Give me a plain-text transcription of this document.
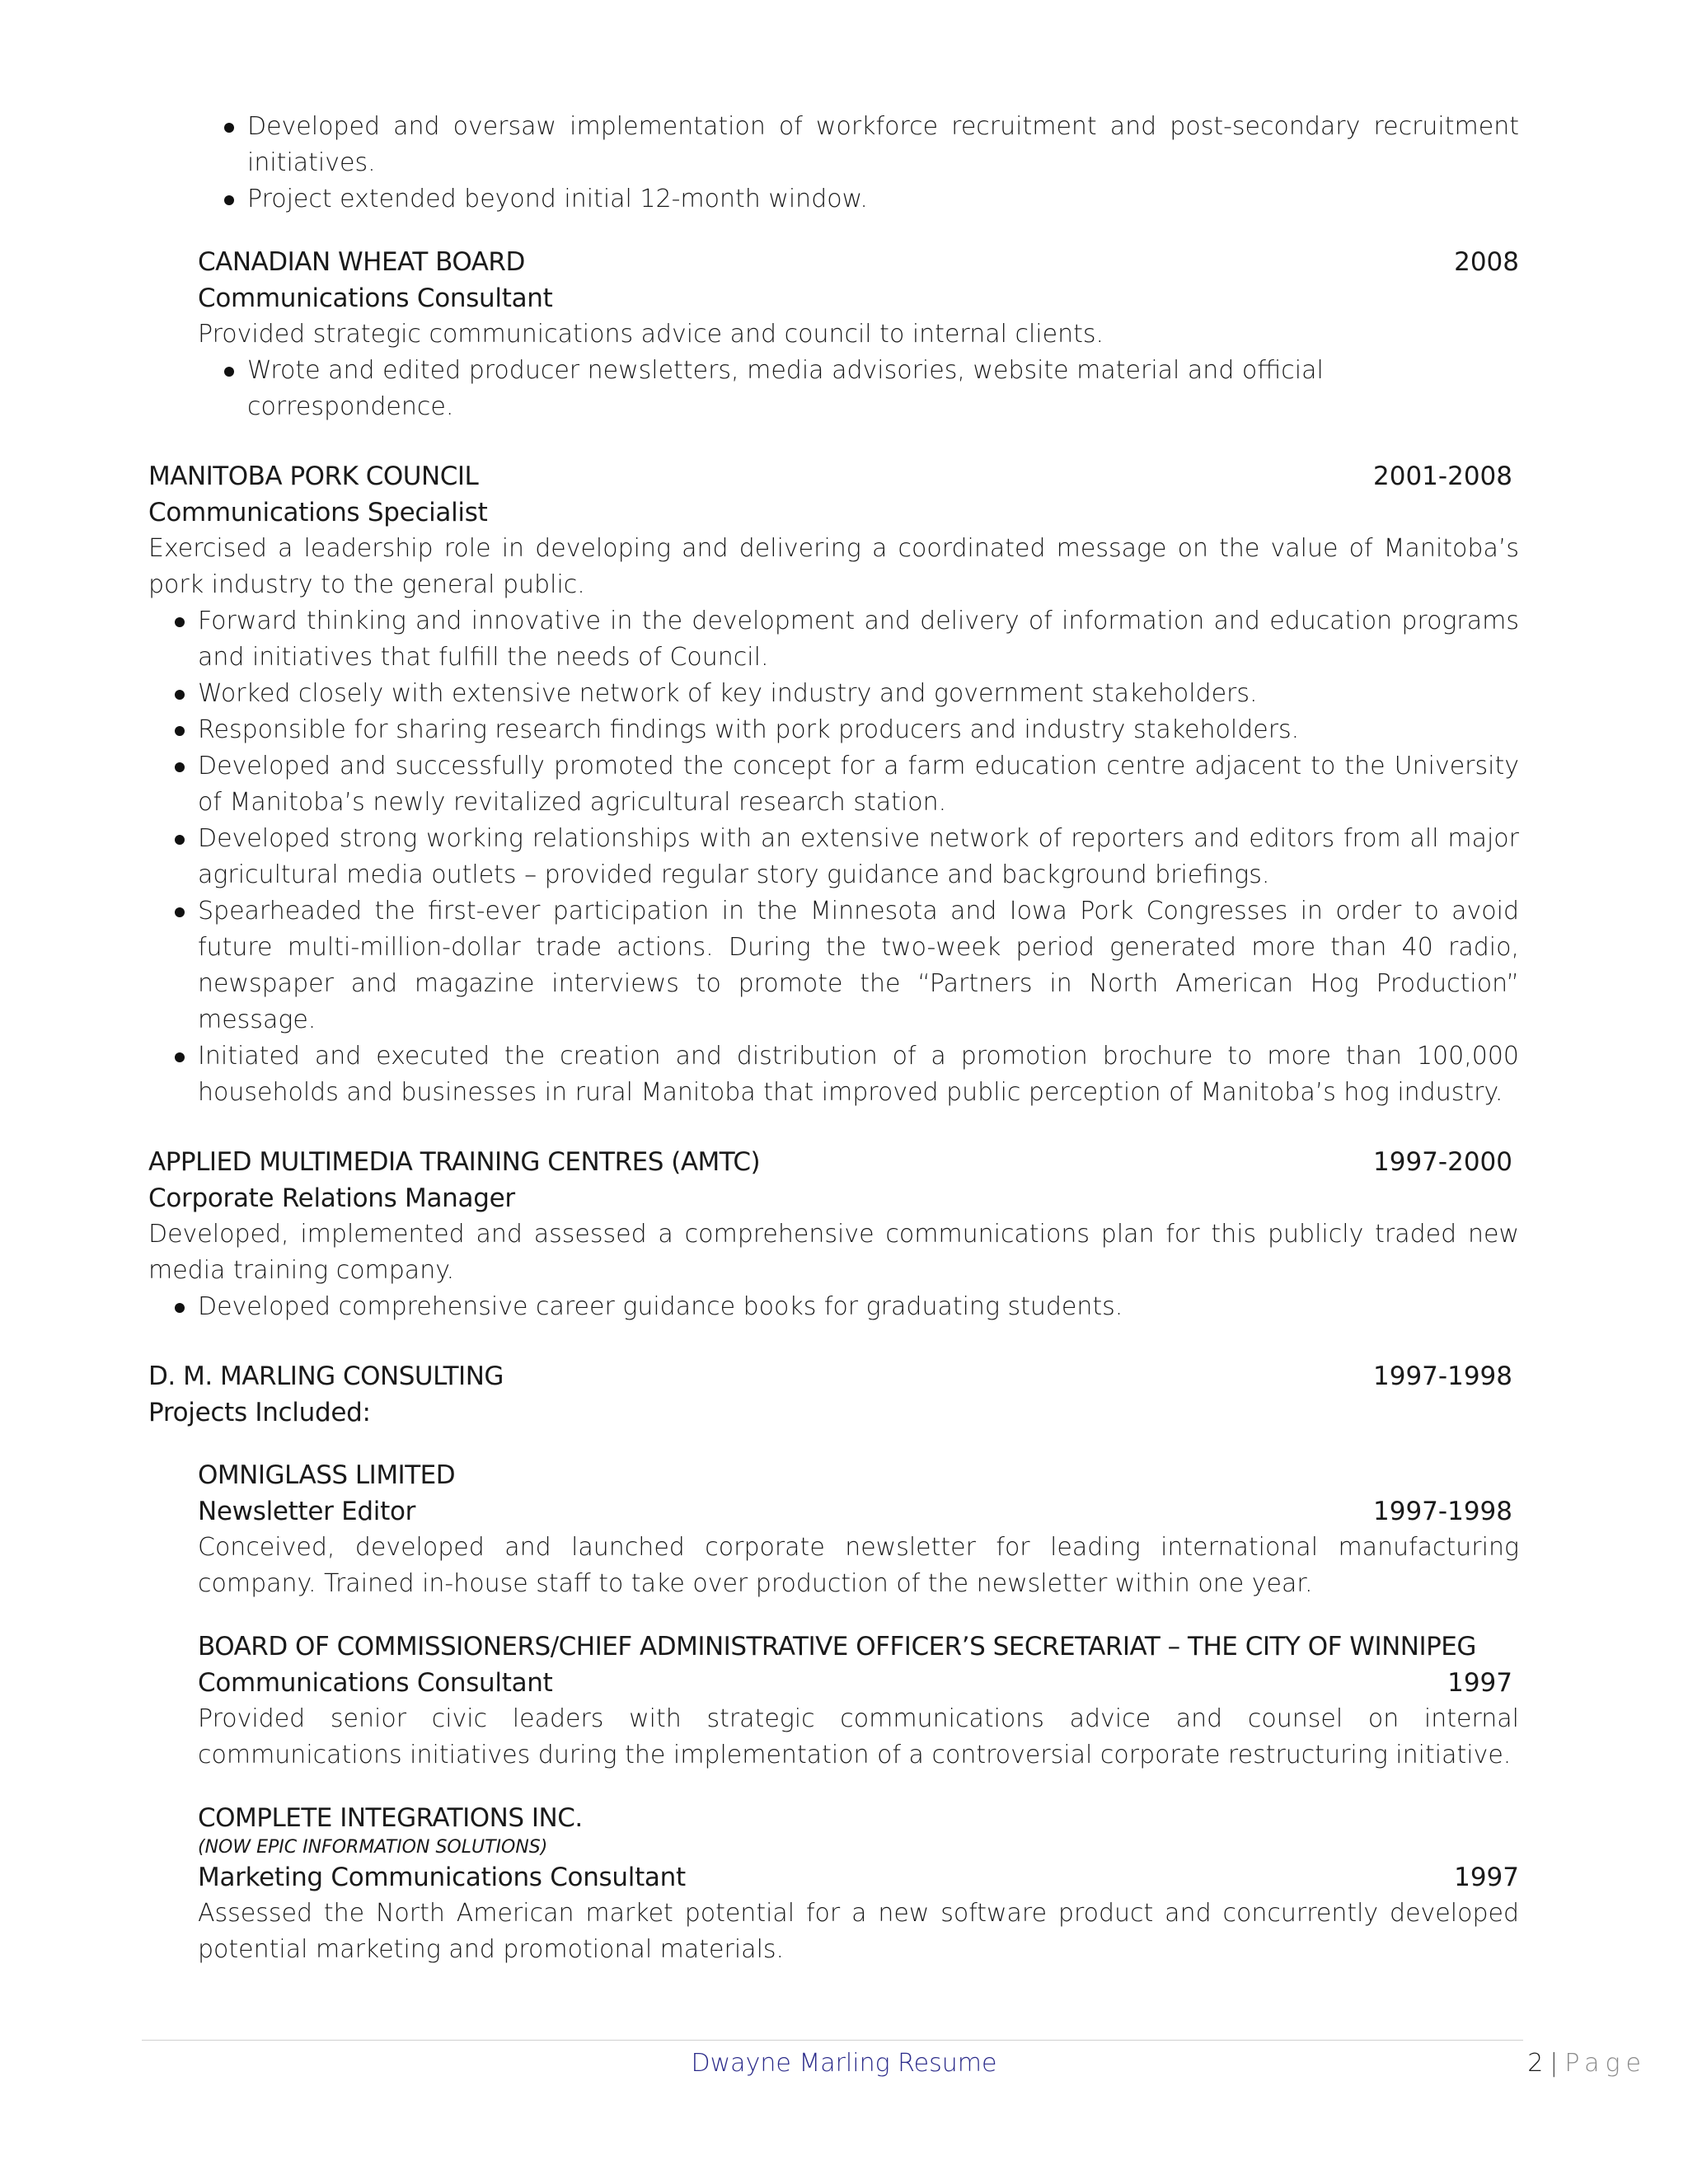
Developed and oversaw implementation of workforce recruitment and post-secondary recruitment initiatives.
Project extended beyond initial 12-month window.
CANADIAN WHEAT BOARD	2008
Communications Consultant
Provided strategic communications advice and council to internal clients.
Wrote and edited producer newsletters, media advisories, website material and official correspondence.
MANITOBA PORK COUNCIL	2001-2008
Communications Specialist
Exercised a leadership role in developing and delivering a coordinated message on the value of Manitoba’s pork industry to the general public.
Forward thinking and innovative in the development and delivery of information and education programs and initiatives that fulfill the needs of Council.
Worked closely with extensive network of key industry and government stakeholders.
Responsible for sharing research findings with pork producers and industry stakeholders.
Developed and successfully promoted the concept for a farm education centre adjacent to the University of Manitoba’s newly revitalized agricultural research station.
Developed strong working relationships with an extensive network of reporters and editors from all major agricultural media outlets – provided regular story guidance and background briefings.
Spearheaded the first-ever participation in the Minnesota and Iowa Pork Congresses in order to avoid future multi-million-dollar trade actions. During the two-week period generated more than 40 radio, newspaper and magazine interviews to promote the “Partners in North American Hog Production” message.
Initiated and executed the creation and distribution of a promotion brochure to more than 100,000 households and businesses in rural Manitoba that improved public perception of Manitoba’s hog industry.
APPLIED MULTIMEDIA TRAINING CENTRES (AMTC)	1997-2000
Corporate Relations Manager
Developed, implemented and assessed a comprehensive communications plan for this publicly traded new media training company.
Developed comprehensive career guidance books for graduating students.
D. M. MARLING CONSULTING	1997-1998
Projects Included:
OMNIGLASS LIMITED
Newsletter Editor	1997-1998
Conceived, developed and launched corporate newsletter for leading international manufacturing company. Trained in-house staff to take over production of the newsletter within one year.
BOARD OF COMMISSIONERS/CHIEF ADMINISTRATIVE OFFICER’S SECRETARIAT – THE CITY OF WINNIPEG
Communications Consultant	1997
Provided senior civic leaders with strategic communications advice and counsel on internal communications initiatives during the implementation of a controversial corporate restructuring initiative.
COMPLETE INTEGRATIONS INC.
(NOW EPIC INFORMATION SOLUTIONS)
Marketing Communications Consultant	1997
Assessed the North American market potential for a new software product and concurrently developed potential marketing and promotional materials.
Dwayne Marling Resume	2 | Page
